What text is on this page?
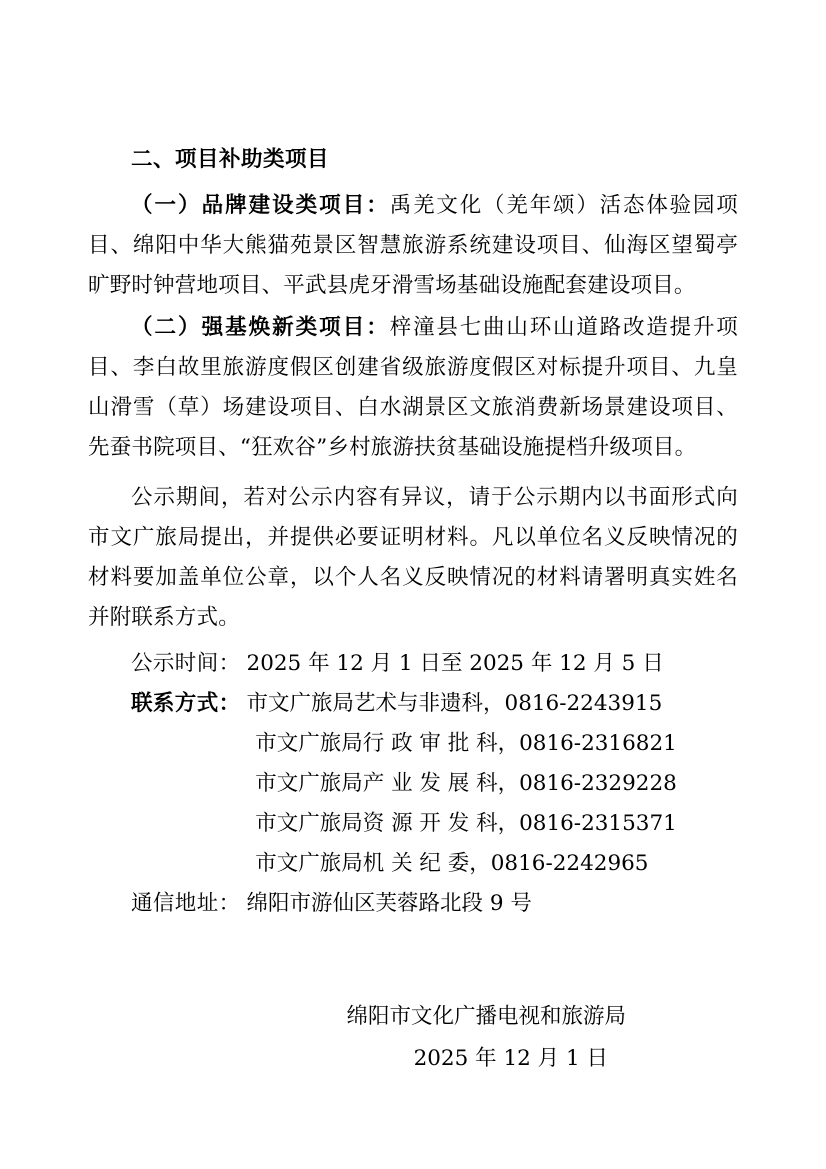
二、项目补助类项目

（一）品牌建设类项目：禹羌文化（羌年颂）活态体验园项目、绵阳中华大熊猫苑景区智慧旅游系统建设项目、仙海区望蜀亭旷野时钟营地项目、平武县虎牙滑雪场基础设施配套建设项目。

（二）强基焕新类项目：梓潼县七曲山环山道路改造提升项目、李白故里旅游度假区创建省级旅游度假区对标提升项目、九皇山滑雪（草）场建设项目、白水湖景区文旅消费新场景建设项目、先蚕书院项目、“狂欢谷”乡村旅游扶贫基础设施提档升级项目。

公示期间，若对公示内容有异议，请于公示期内以书面形式向市文广旅局提出，并提供必要证明材料。凡以单位名义反映情况的材料要加盖单位公章，以个人名义反映情况的材料请署明真实姓名并附联系方式。

公示时间： 2025 年 12 月 1 日至 2025 年 12 月 5 日
联系方式： 市文广旅局艺术与非遗科，0816-2243915
市文广旅局行 政 审 批 科，0816-2316821
市文广旅局产 业 发 展 科，0816-2329228
市文广旅局资 源 开 发 科，0816-2315371
市文广旅局机 关 纪 委，0816-2242965
通信地址： 绵阳市游仙区芙蓉路北段 9 号
绵阳市文化广播电视和旅游局
2025 年 12 月 1 日
